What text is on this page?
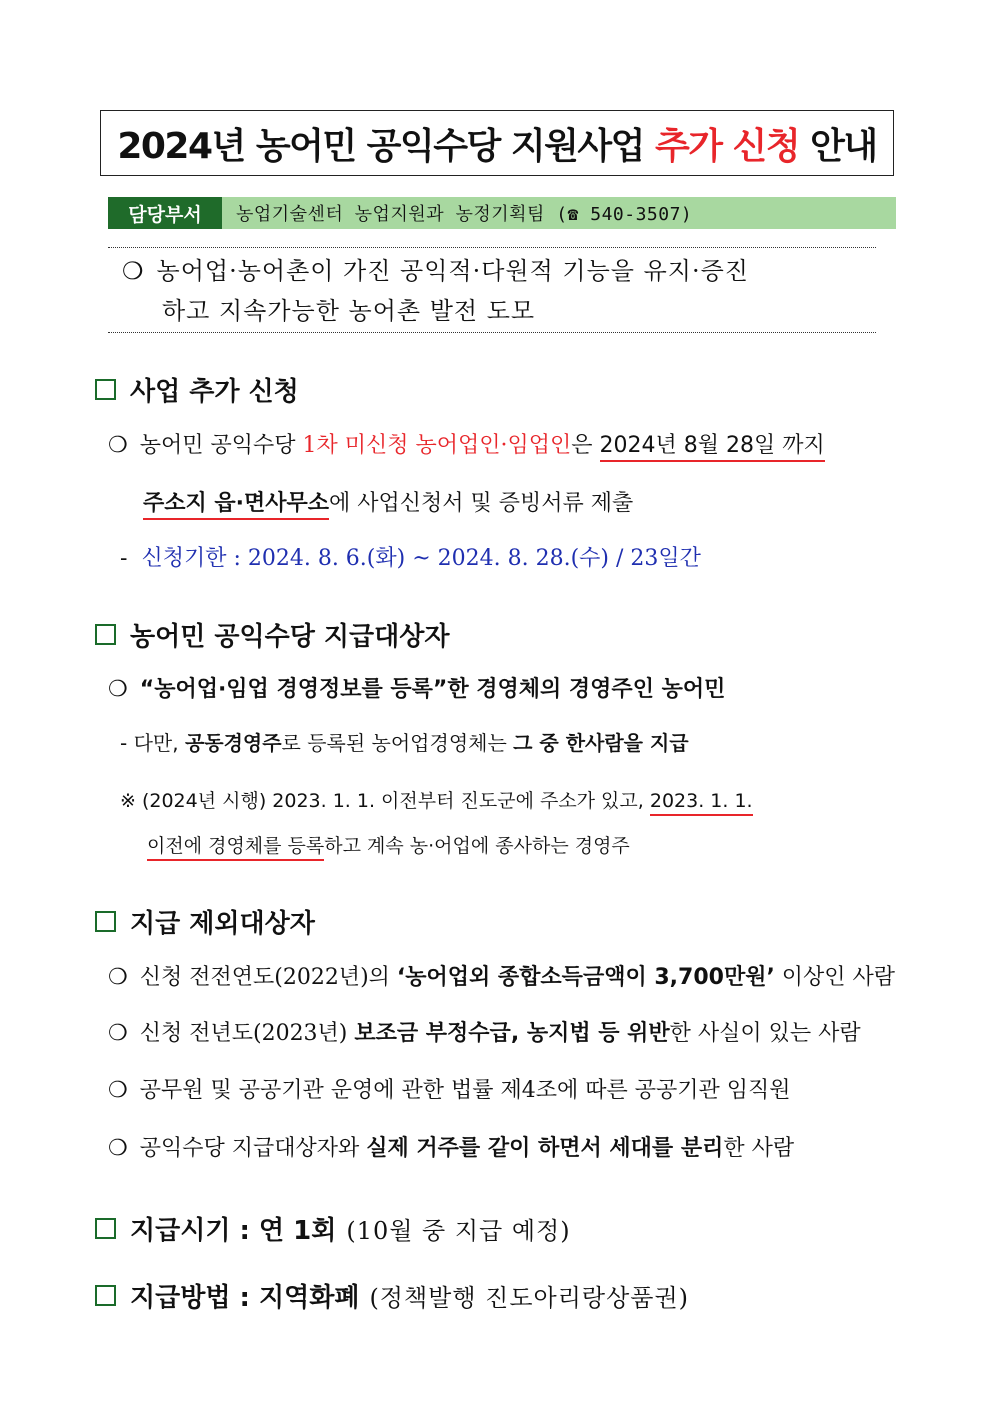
2024년 농어민 공익수당 지원사업 추가 신청 안내
담당부서	농업기술센터 농업지원과 농정기획팀 (☎ 540-3507)
❍ 농어업·농어촌이 가진 공익적·다원적 기능을 유지·증진
하고 지속가능한 농어촌 발전 도모
사업 추가 신청
❍ 농어민 공익수당 1차 미신청 농어업인·임업인은 2024년 8월 28일 까지
주소지 읍·면사무소에 사업신청서 및 증빙서류 제출
- 신청기한 : 2024. 8. 6.(화) ~ 2024. 8. 28.(수) / 23일간
농어민 공익수당 지급대상자
❍ “농어업·임업 경영정보를 등록”한 경영체의 경영주인 농어민
- 다만, 공동경영주로 등록된 농어업경영체는 그 중 한사람을 지급
※ (2024년 시행) 2023. 1. 1. 이전부터 진도군에 주소가 있고, 2023. 1. 1.
이전에 경영체를 등록하고 계속 농·어업에 종사하는 경영주
지급 제외대상자
❍ 신청 전전연도(2022년)의 ‘농어업외 종합소득금액이 3,700만원’ 이상인 사람
❍ 신청 전년도(2023년) 보조금 부정수급, 농지법 등 위반한 사실이 있는 사람
❍ 공무원 및 공공기관 운영에 관한 법률 제4조에 따른 공공기관 임직원
❍ 공익수당 지급대상자와 실제 거주를 같이 하면서 세대를 분리한 사람
지급시기 : 연 1회 (10월 중 지급 예정)
지급방법 : 지역화폐 (정책발행 진도아리랑상품권)
